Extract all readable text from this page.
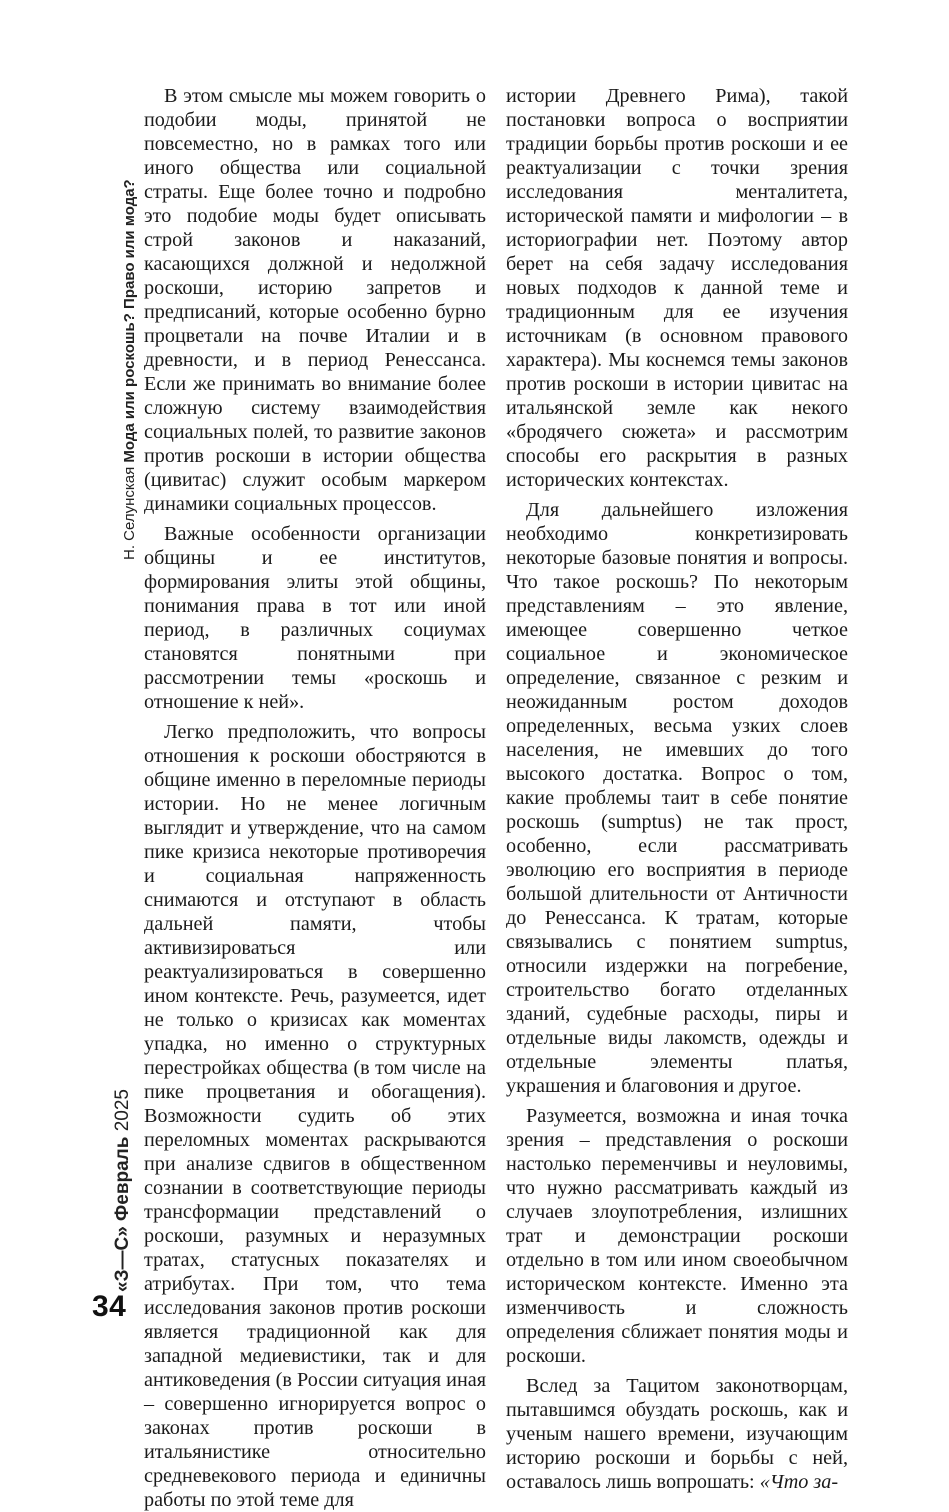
Н. Селунская Мода или роскошь? Право или мода?
«З—С» Февраль 2025
34

В этом смысле мы можем говорить о подобии моды, принятой не повсеместно, но в рамках того или иного общества или социальной страты. Еще более точно и подробно это подобие моды будет описывать строй законов и наказаний, касающихся должной и недолжной роскоши, историю запретов и предписаний, которые особенно бурно процветали на почве Италии и в древности, и в период Ренессанса. Если же принимать во внимание более сложную систему взаимодействия социальных полей, то развитие законов против роскоши в истории общества (цивитас) служит особым маркером динамики социальных процессов.

Важные особенности организации общины и ее институтов, формирования элиты этой общины, понимания права в тот или иной период, в различных социумах становятся понятными при рассмотрении темы «роскошь и отношение к ней».

Легко предположить, что вопросы отношения к роскоши обостряются в общине именно в переломные периоды истории. Но не менее логичным выглядит и утверждение, что на самом пике кризиса некоторые противоречия и социальная напряженность снимаются и отступают в область дальней памяти, чтобы активизироваться или реактуализироваться в совершенно ином контексте. Речь, разумеется, идет не только о кризисах как моментах упадка, но именно о структурных перестройках общества (в том числе на пике процветания и обогащения). Возможности судить об этих переломных моментах раскрываются при анализе сдвигов в общественном сознании в соответствующие периоды трансформации представлений о роскоши, разумных и неразумных тратах, статусных показателях и атрибутах. При том, что тема исследования законов против роскоши является традиционной как для западной медиевистики, так и для антиковедения (в России ситуация иная – совершенно игнорируется вопрос о законах против роскоши в итальянистике относительно средневекового периода и единичны работы по этой теме для

истории Древнего Рима), такой постановки вопроса о восприятии традиции борьбы против роскоши и ее реактуализации с точки зрения исследования менталитета, исторической памяти и мифологии – в историографии нет. Поэтому автор берет на себя задачу исследования новых подходов к данной теме и традиционным для ее изучения источникам (в основном правового характера). Мы коснемся темы законов против роскоши в истории цивитас на итальянской земле как некого «бродячего сюжета» и рассмотрим способы его раскрытия в разных исторических контекстах.

Для дальнейшего изложения необходимо конкретизировать некоторые базовые понятия и вопросы. Что такое роскошь? По некоторым представлениям – это явление, имеющее совершенно четкое социальное и экономическое определение, связанное с резким и неожиданным ростом доходов определенных, весьма узких слоев населения, не имевших до того высокого достатка. Вопрос о том, какие проблемы таит в себе понятие роскошь (sumptus) не так прост, особенно, если рассматривать эволюцию его восприятия в периоде большой длительности от Античности до Ренессанса. К тратам, которые связывались с понятием sumptus, относили издержки на погребение, строительство богато отделанных зданий, судебные расходы, пиры и отдельные виды лакомств, одежды и отдельные элементы платья, украшения и благовония и другое.

Разумеется, возможна и иная точка зрения – представления о роскоши настолько переменчивы и неуловимы, что нужно рассматривать каждый из случаев злоупотребления, излишних трат и демонстрации роскоши отдельно в том или ином своеобычном историческом контексте. Именно эта изменчивость и сложность определения сближает понятия моды и роскоши.

Вслед за Тацитом законотворцам, пытавшимся обуздать роскошь, как и ученым нашего времени, изучающим историю роскоши и борьбы с ней, оставалось лишь вопрошать: «Что за-
